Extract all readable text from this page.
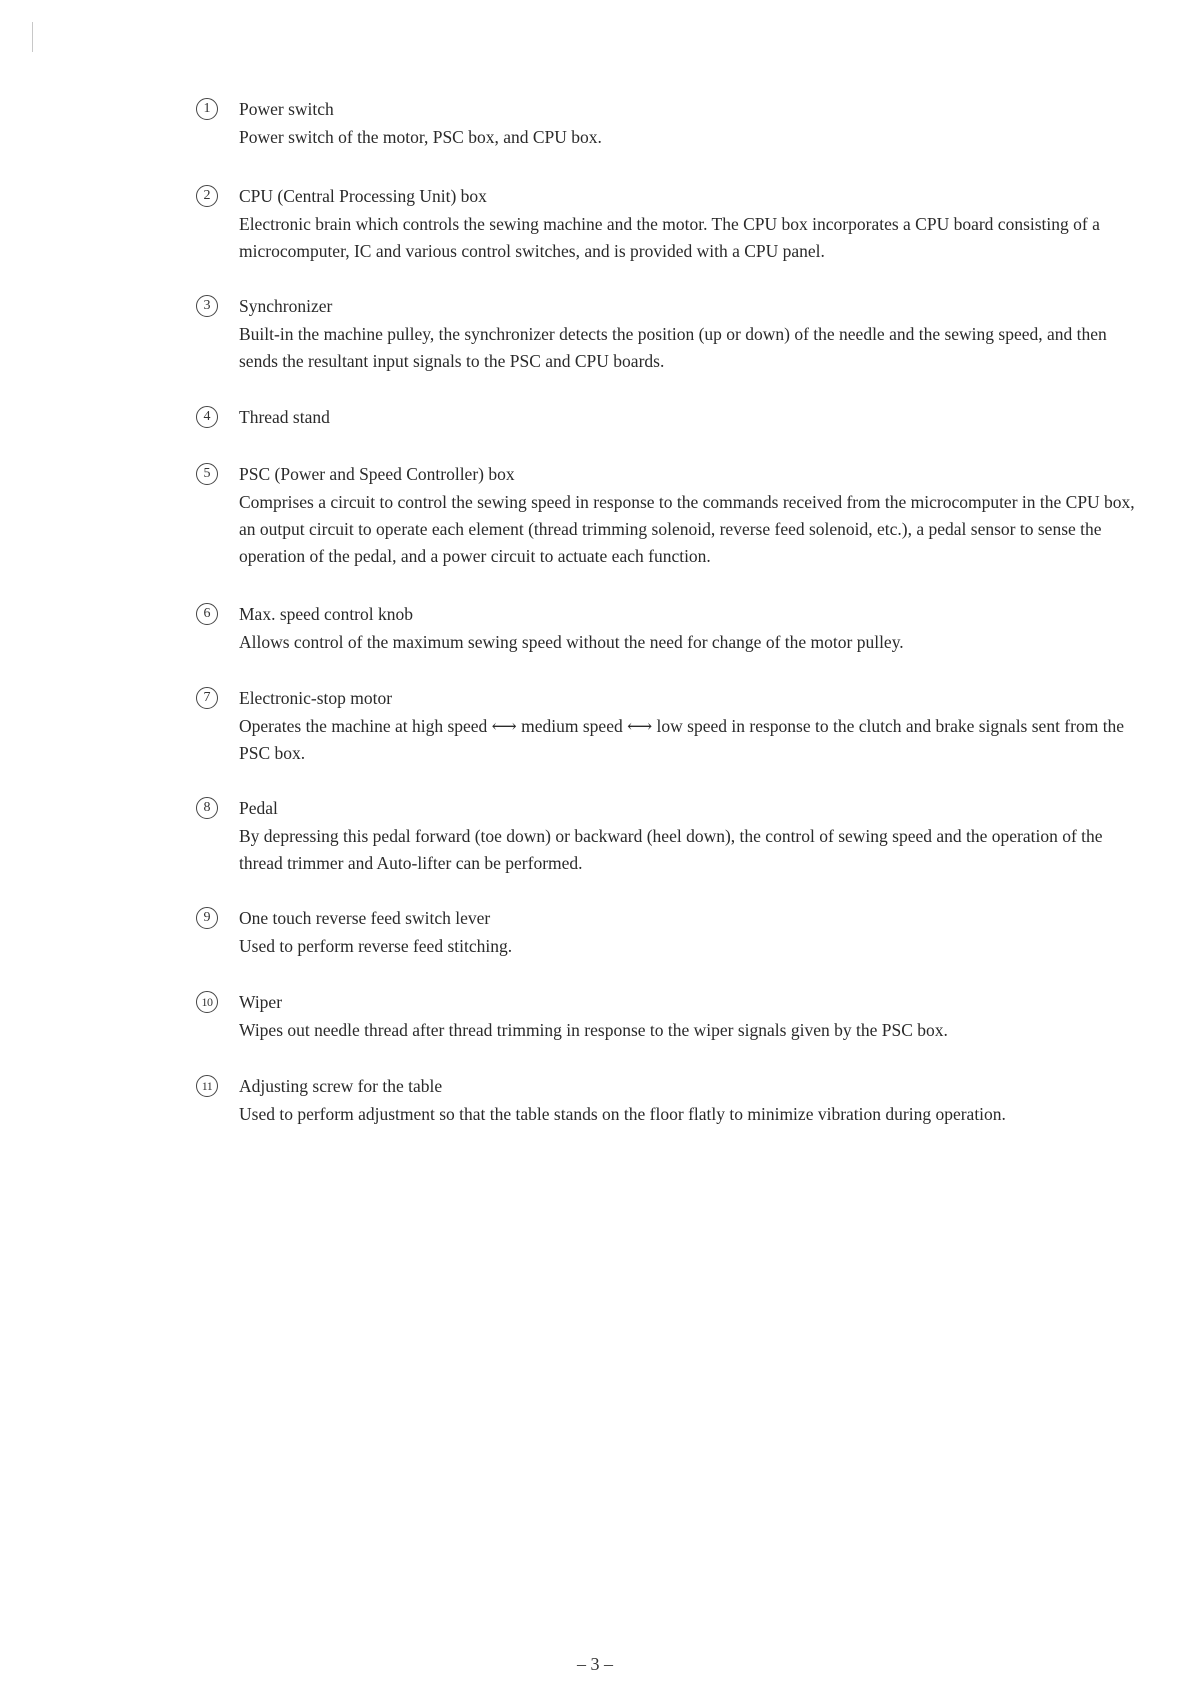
1	Power switch

Power switch of the motor, PSC box, and CPU box.

2	CPU (Central Processing Unit) box

Electronic brain which controls the sewing machine and the motor. The CPU box incorporates a CPU board consisting of a microcomputer, IC and various control switches, and is provided with a CPU panel.

3	Synchronizer

Built-in the machine pulley, the synchronizer detects the position (up or down) of the needle and the sewing speed, and then sends the resultant input signals to the PSC and CPU boards.

4	Thread stand
5	PSC (Power and Speed Controller) box

Comprises a circuit to control the sewing speed in response to the commands received from the microcomputer in the CPU box, an output circuit to operate each element (thread trimming solenoid, reverse feed solenoid, etc.), a pedal sensor to sense the operation of the pedal, and a power circuit to actuate each function.

6	Max. speed control knob

Allows control of the maximum sewing speed without the need for change of the motor pulley.

7	Electronic-stop motor

Operates the machine at high speed ⟷ medium speed ⟷ low speed in response to the clutch and brake signals sent from the PSC box.

8	Pedal

By depressing this pedal forward (toe down) or backward (heel down), the control of sewing speed and the operation of the thread trimmer and Auto-lifter can be performed.

9	One touch reverse feed switch lever

Used to perform reverse feed stitching.

10	Wiper

Wipes out needle thread after thread trimming in response to the wiper signals given by the PSC box.

11	Adjusting screw for the table

Used to perform adjustment so that the table stands on the floor flatly to minimize vibration during operation.

– 3 –
